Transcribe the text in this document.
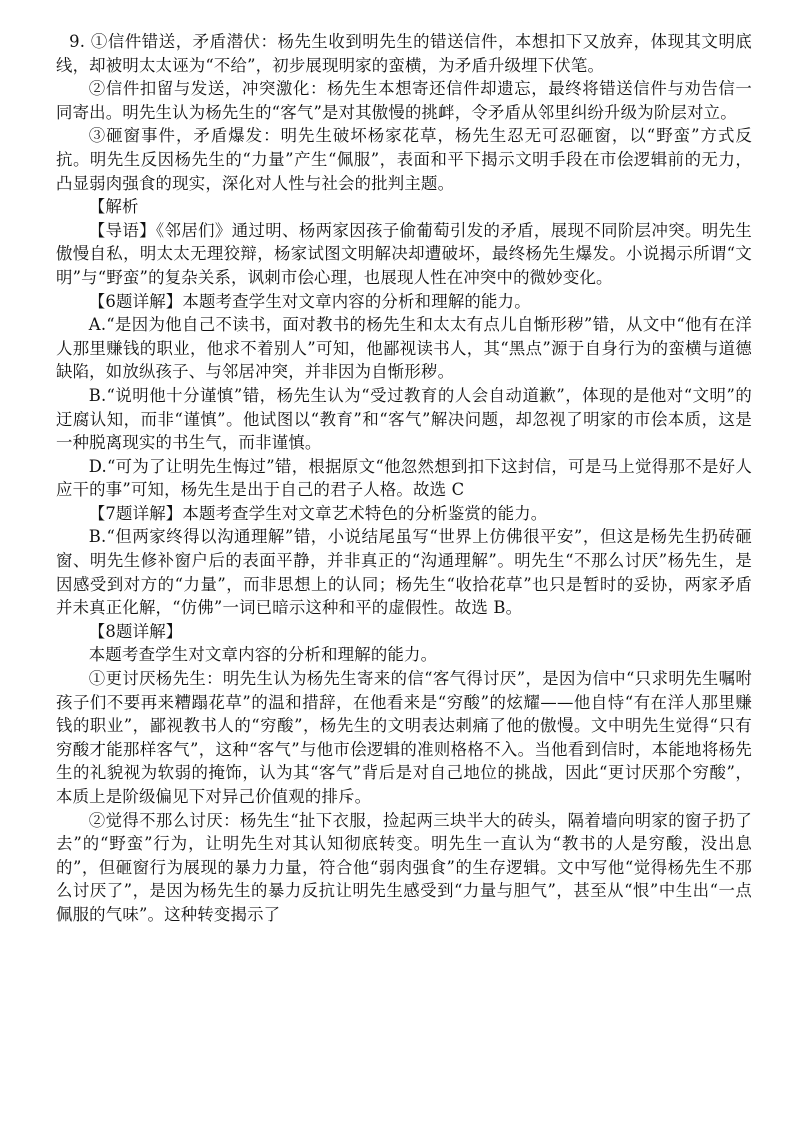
9. ①信件错送，矛盾潜伏：杨先生收到明先生的错送信件，本想扣下又放弃，体现其文明底线，却被明太太诬为“不给”，初步展现明家的蛮横，为矛盾升级埋下伏笔。

②信件扣留与发送，冲突激化：杨先生本想寄还信件却遗忘，最终将错送信件与劝告信一同寄出。明先生认为杨先生的“客气”是对其傲慢的挑衅，令矛盾从邻里纠纷升级为阶层对立。

③砸窗事件，矛盾爆发：明先生破坏杨家花草，杨先生忍无可忍砸窗，以“野蛮”方式反抗。明先生反因杨先生的“力量”产生“佩服”，表面和平下揭示文明手段在市侩逻辑前的无力，凸显弱肉强食的现实，深化对人性与社会的批判主题。

【解析

【导语】《邻居们》通过明、杨两家因孩子偷葡萄引发的矛盾，展现不同阶层冲突。明先生傲慢自私，明太太无理狡辩，杨家试图文明解决却遭破坏，最终杨先生爆发。小说揭示所谓“文明”与“野蛮”的复杂关系，讽刺市侩心理，也展现人性在冲突中的微妙变化。

【6题详解】本题考查学生对文章内容的分析和理解的能力。

A.“是因为他自己不读书，面对教书的杨先生和太太有点儿自惭形秽”错，从文中“他有在洋人那里赚钱的职业，他求不着别人”可知，他鄙视读书人，其“黑点”源于自身行为的蛮横与道德缺陷，如放纵孩子、与邻居冲突，并非因为自惭形秽。

B.“说明他十分谨慎”错，杨先生认为“受过教育的人会自动道歉”，体现的是他对“文明”的迂腐认知，而非“谨慎”。他试图以“教育”和“客气”解决问题，却忽视了明家的市侩本质，这是一种脱离现实的书生气，而非谨慎。

D.“可为了让明先生悔过”错，根据原文“他忽然想到扣下这封信，可是马上觉得那不是好人应干的事”可知，杨先生是出于自己的君子人格。故选 C

【7题详解】本题考查学生对文章艺术特色的分析鉴赏的能力。

B.“但两家终得以沟通理解”错，小说结尾虽写“世界上仿佛很平安”，但这是杨先生扔砖砸窗、明先生修补窗户后的表面平静，并非真正的“沟通理解”。明先生“不那么讨厌”杨先生，是因感受到对方的“力量”，而非思想上的认同；杨先生“收拾花草”也只是暂时的妥协，两家矛盾并未真正化解，“仿佛”一词已暗示这种和平的虚假性。故选 B。

【8题详解】

本题考查学生对文章内容的分析和理解的能力。

①更讨厌杨先生：明先生认为杨先生寄来的信“客气得讨厌”，是因为信中“只求明先生嘱咐孩子们不要再来糟蹋花草”的温和措辞，在他看来是“穷酸”的炫耀——他自恃“有在洋人那里赚钱的职业”，鄙视教书人的“穷酸”，杨先生的文明表达刺痛了他的傲慢。文中明先生觉得“只有穷酸才能那样客气”，这种“客气”与他市侩逻辑的准则格格不入。当他看到信时，本能地将杨先生的礼貌视为软弱的掩饰，认为其“客气”背后是对自己地位的挑战，因此“更讨厌那个穷酸”，本质上是阶级偏见下对异己价值观的排斥。

②觉得不那么讨厌：杨先生“扯下衣服，捡起两三块半大的砖头，隔着墙向明家的窗子扔了去”的“野蛮”行为，让明先生对其认知彻底转变。明先生一直认为“教书的人是穷酸，没出息的”，但砸窗行为展现的暴力力量，符合他“弱肉强食”的生存逻辑。文中写他“觉得杨先生不那么讨厌了”，是因为杨先生的暴力反抗让明先生感受到“力量与胆气”，甚至从“恨”中生出“一点佩服的气味”。这种转变揭示了
